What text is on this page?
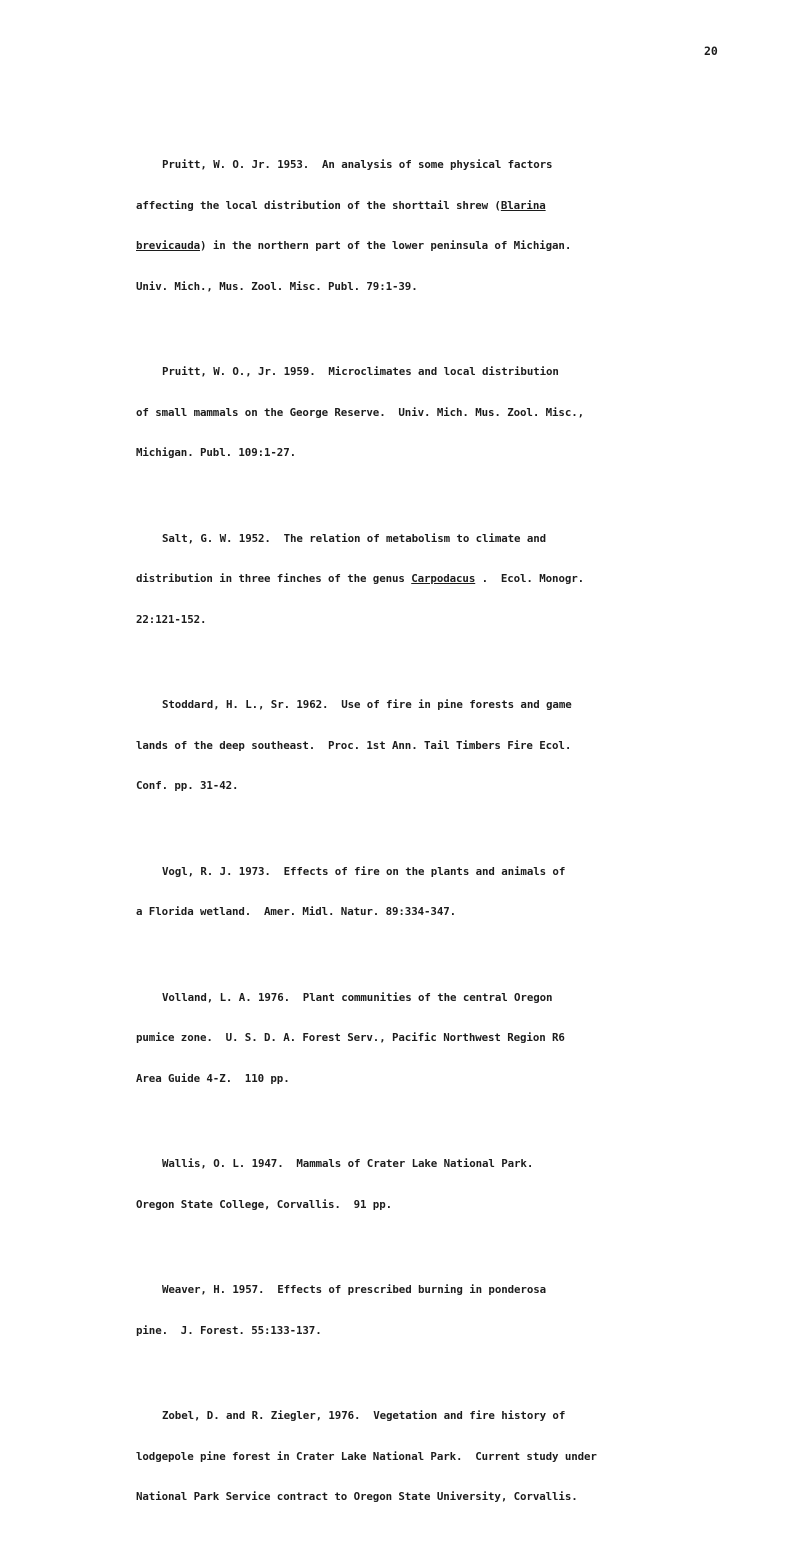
20

Pruitt, W. O. Jr. 1953.  An analysis of some physical factors

affecting the local distribution of the shorttail shrew (Blarina

brevicauda) in the northern part of the lower peninsula of Michigan.

Univ. Mich., Mus. Zool. Misc. Publ. 79:1-39.

Pruitt, W. O., Jr. 1959.  Microclimates and local distribution

of small mammals on the George Reserve.  Univ. Mich. Mus. Zool. Misc.,

Michigan. Publ. 109:1-27.

Salt, G. W. 1952.  The relation of metabolism to climate and

distribution in three finches of the genus Carpodacus .  Ecol. Monogr.

22:121-152.

Stoddard, H. L., Sr. 1962.  Use of fire in pine forests and game

lands of the deep southeast.  Proc. 1st Ann. Tail Timbers Fire Ecol.

Conf. pp. 31-42.

Vogl, R. J. 1973.  Effects of fire on the plants and animals of

a Florida wetland.  Amer. Midl. Natur. 89:334-347.

Volland, L. A. 1976.  Plant communities of the central Oregon

pumice zone.  U. S. D. A. Forest Serv., Pacific Northwest Region R6

Area Guide 4-Z.  110 pp.

Wallis, O. L. 1947.  Mammals of Crater Lake National Park.

Oregon State College, Corvallis.  91 pp.

Weaver, H. 1957.  Effects of prescribed burning in ponderosa

pine.  J. Forest. 55:133-137.

Zobel, D. and R. Ziegler, 1976.  Vegetation and fire history of

lodgepole pine forest in Crater Lake National Park.  Current study under

National Park Service contract to Oregon State University, Corvallis.
